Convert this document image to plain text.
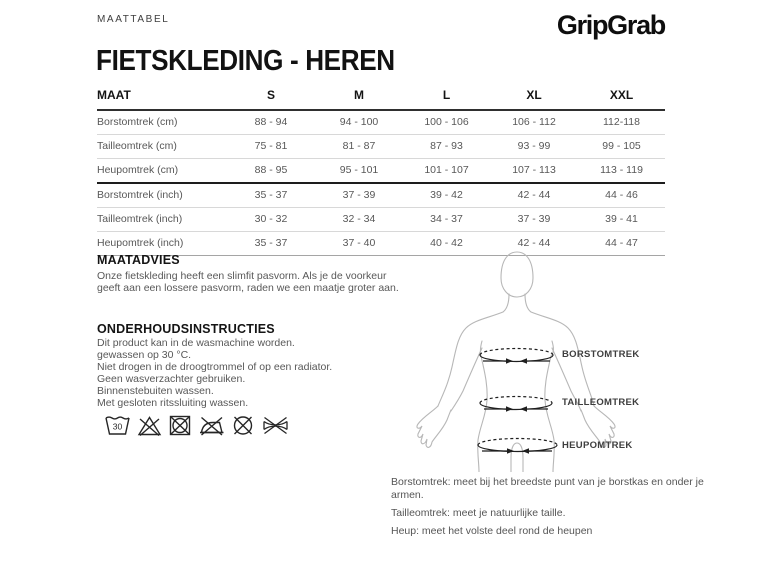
MAATTABEL	GripGrab
FIETSKLEDING - HEREN
MAAT	S	M	L	XL	XXL
Borstomtrek (cm)	88 - 94	94 - 100	100 - 106	106 - 112	112-118
Tailleomtrek (cm)	75 - 81	81 - 87	87 - 93	93 - 99	99 - 105
Heupomtrek (cm)	88 - 95	95 - 101	101 - 107	107 - 113	113 - 119
Borstomtrek (inch)	35 - 37	37 - 39	39 - 42	42 - 44	44 - 46
Tailleomtrek (inch)	30 - 32	32 - 34	34 - 37	37 - 39	39 - 41
Heupomtrek (inch)	35 - 37	37 - 40	40 - 42	42 - 44	44 - 47
MAATADVIES
Onze fietskleding heeft een slimfit pasvorm. Als je de voorkeur geeft aan een lossere pasvorm, raden we een maatje groter aan.
ONDERHOUDSINSTRUCTIES
Dit product kan in de wasmachine worden.
gewassen op 30 °C.
Niet drogen in de droogtrommel of op een radiator.
Geen wasverzachter gebruiken.
Binnenstebuiten wassen.
Met gesloten ritssluiting wassen.
30
BORSTOMTREK
TAILLEOMTREK
HEUPOMTREK

Borstomtrek: meet bij het breedste punt van je borstkas en onder je armen.

Tailleomtrek: meet je natuurlijke taille.

Heup: meet het volste deel rond de heupen
